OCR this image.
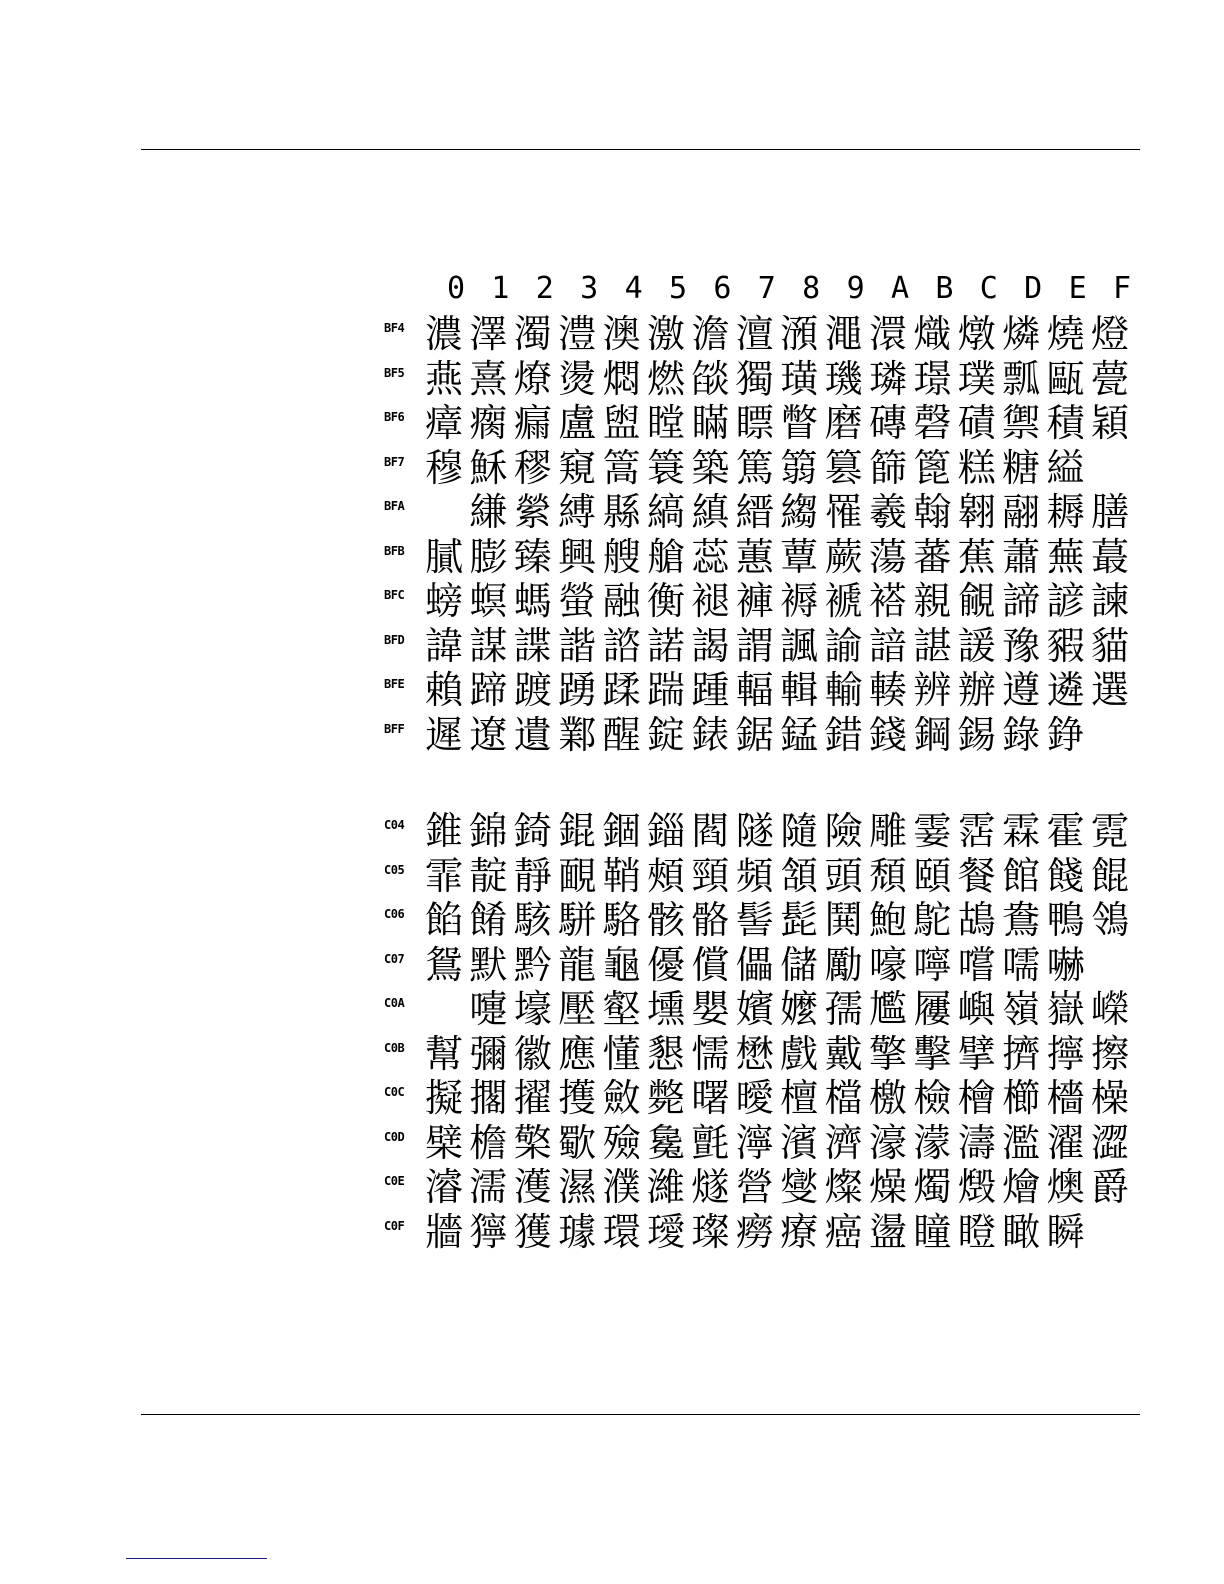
0 1 2 3 4 5 6 7 8 9 A B C D E F
BF4 濃 澤 濁 澧 澳 激 澹 澶 澦 澠 澴 熾 燉 燐 燒 燈
BF5 燕 熹 燎 燙 燜 燃 燄 獨 璜 璣 璘 璟 璞 瓢 甌 甍
BF6 瘴 瘸 瘺 盧 盥 瞠 瞞 瞟 瞥 磨 磚 磬 磧 禦 積 穎
BF7 穆 穌 穋 窺 篙 簑 築 篤 篛 篡 篩 篦 糕 糖 縊
BFA 縑 縈 縛 縣 縞 縝 縉 縐 罹 羲 翰 翱 翮 耨 膳
BFB 膩 膨 臻 興 艘 艙 蕊 蕙 蕈 蕨 蕩 蕃 蕉 蕭 蕪 蕞
BFC 螃 螟 螞 螢 融 衡 褪 褲 褥 褫 褡 親 覦 諦 諺 諫
BFD 諱 謀 諜 諧 諮 諾 謁 謂 諷 諭 諳 諶 諼 豫 豭 貓
BFE 賴 蹄 踱 踴 蹂 踹 踵 輻 輯 輸 輳 辨 辦 遵 遴 選
BFF 遲 遼 遺 鄴 醒 錠 錶 鋸 錳 錯 錢 鋼 錫 錄 錚
C04 錐 錦 錡 錕 錮 錙 閻 隧 隨 險 雕 霎 霑 霖 霍 霓
C05 霏 靛 靜 靦 鞘 頰 頸 頻 頷 頭 頹 頤 餐 館 餞 餛
C06 餡 餚 駭 駢 駱 骸 骼 髻 髭 鬨 鮑 鴕 鴣 鴦 鴨 鴒
C07 鴛 默 黔 龍 龜 優 償 儡 儲 勵 嚎 嚀 嚐 嚅 嚇
C0A 嚏 壕 壓 壑 壎 嬰 嬪 嬤 孺 尷 屨 嶼 嶺 嶽 嶸
C0B 幫 彌 徽 應 懂 懇 懦 懋 戲 戴 擎 擊 擘 擠 擰 擦
C0C 擬 擱 擢 擭 斂 斃 曙 曖 檀 檔 檄 檢 檜 櫛 檣 橾
C0D 檗 檐 檠 歜 殮 毚 氈 濘 濱 濟 濠 濛 濤 濫 濯 澀
C0E 濬 濡 濩 濕 濮 濰 燧 營 燮 燦 燥 燭 燬 燴 燠 爵
C0F 牆 獰 獲 璩 環 璦 璨 癆 療 癌 盪 瞳 瞪 瞰 瞬
